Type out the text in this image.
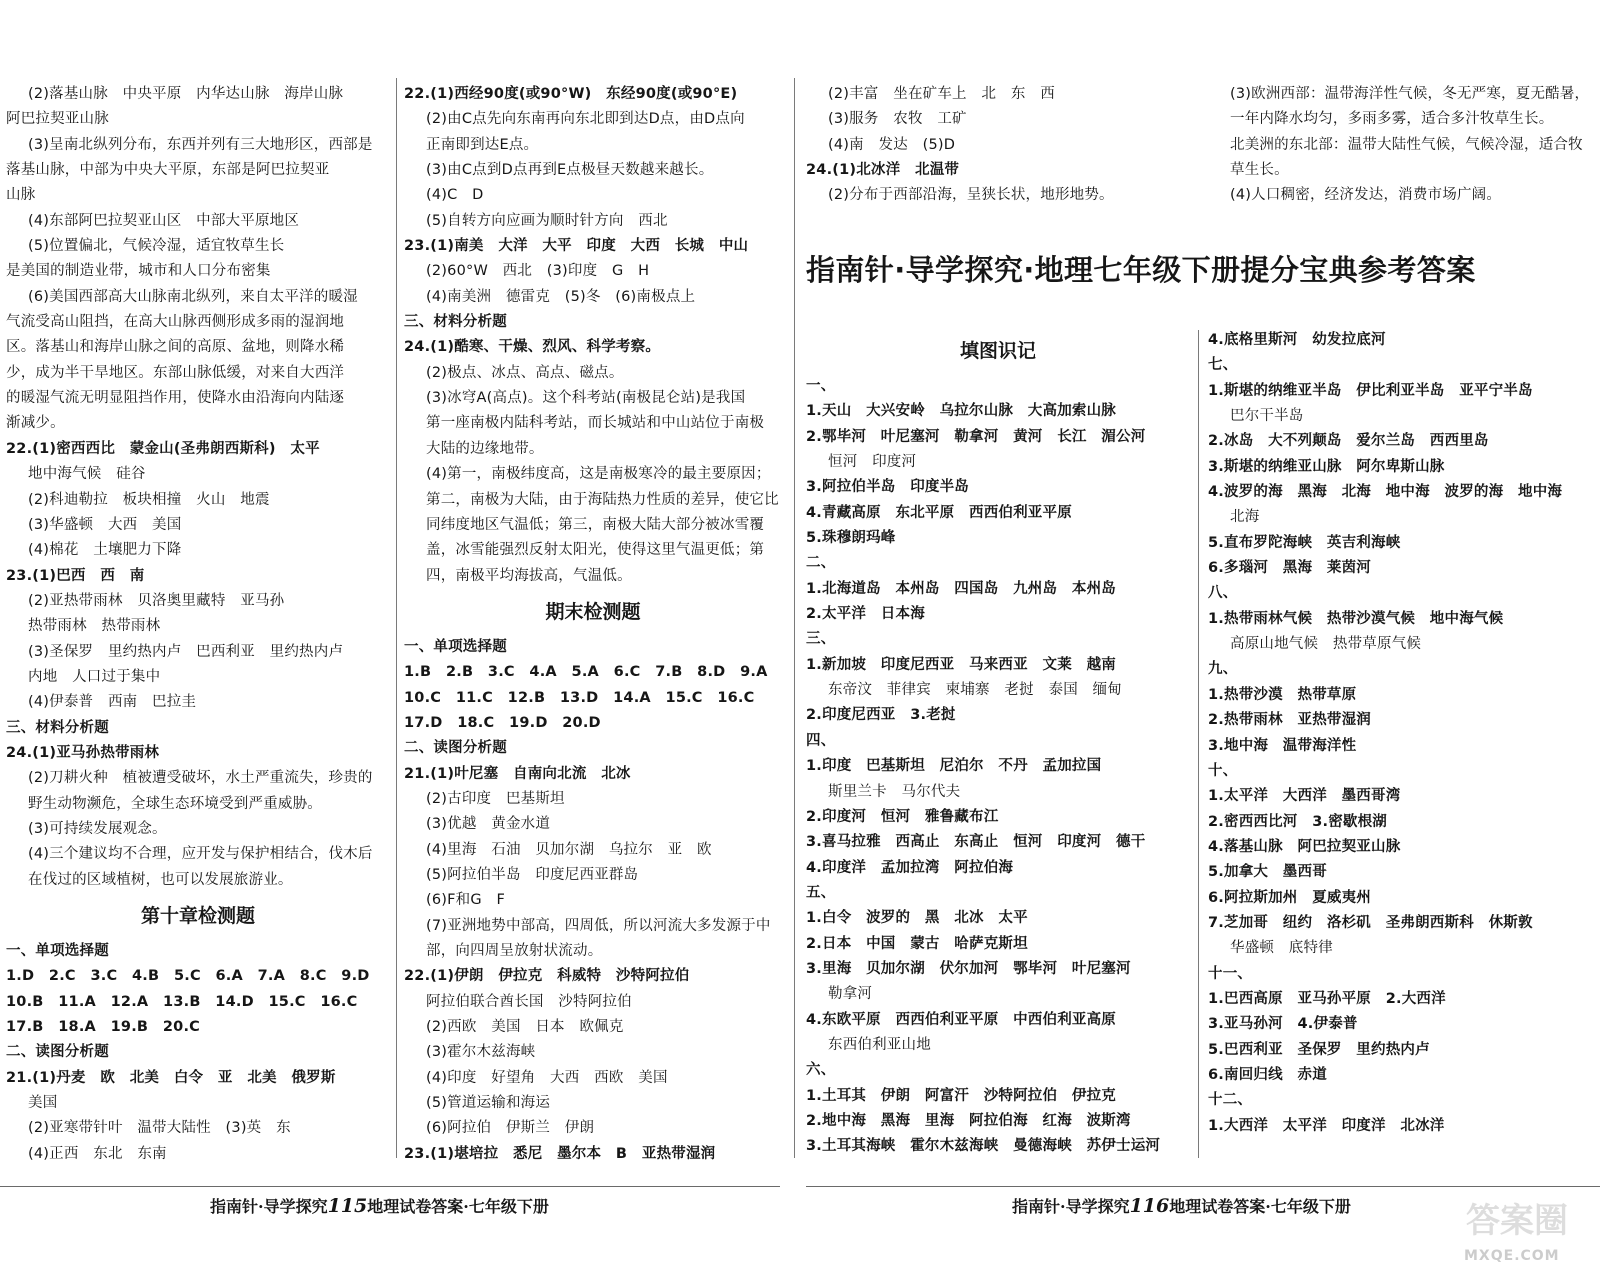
(2)落基山脉　中央平原　内华达山脉　海岸山脉
阿巴拉契亚山脉
(3)呈南北纵列分布，东西并列有三大地形区，西部是
落基山脉，中部为中央大平原，东部是阿巴拉契亚
山脉
(4)东部阿巴拉契亚山区　中部大平原地区
(5)位置偏北，气候冷湿，适宜牧草生长
是美国的制造业带，城市和人口分布密集
(6)美国西部高大山脉南北纵列，来自太平洋的暖湿
气流受高山阻挡，在高大山脉西侧形成多雨的湿润地
区。落基山和海岸山脉之间的高原、盆地，则降水稀
少，成为半干旱地区。东部山脉低缓，对来自大西洋
的暖湿气流无明显阻挡作用，使降水由沿海向内陆逐
渐减少。
22.(1)密西西比　蒙金山(圣弗朗西斯科)　太平
地中海气候　硅谷
(2)科迪勒拉　板块相撞　火山　地震
(3)华盛顿　大西　美国
(4)棉花　土壤肥力下降
23.(1)巴西　西　南
(2)亚热带雨林　贝洛奥里藏特　亚马孙
热带雨林　热带雨林
(3)圣保罗　里约热内卢　巴西利亚　里约热内卢
内地　人口过于集中
(4)伊泰普　西南　巴拉圭
三、材料分析题
24.(1)亚马孙热带雨林
(2)刀耕火种　植被遭受破坏，水土严重流失，珍贵的
野生动物濒危，全球生态环境受到严重威胁。
(3)可持续发展观念。
(4)三个建议均不合理，应开发与保护相结合，伐木后
在伐过的区域植树，也可以发展旅游业。
第十章检测题
一、单项选择题
1.D　2.C　3.C　4.B　5.C　6.A　7.A　8.C　9.D
10.B　11.A　12.A　13.B　14.D　15.C　16.C
17.B　18.A　19.B　20.C
二、读图分析题
21.(1)丹麦　欧　北美　白令　亚　北美　俄罗斯
美国
(2)亚寒带针叶　温带大陆性　(3)英　东
(4)正西　东北　东南
22.(1)西经90度(或90°W)　东经90度(或90°E)
(2)由C点先向东南再向东北即到达D点，由D点向
正南即到达E点。
(3)由C点到D点再到E点极昼天数越来越长。
(4)C　D
(5)自转方向应画为顺时针方向　西北
23.(1)南美　大洋　大平　印度　大西　长城　中山
(2)60°W　西北　(3)印度　G　H
(4)南美洲　德雷克　(5)冬　(6)南极点上
三、材料分析题
24.(1)酷寒、干燥、烈风、科学考察。
(2)极点、冰点、高点、磁点。
(3)冰穹A(高点)。这个科考站(南极昆仑站)是我国
第一座南极内陆科考站，而长城站和中山站位于南极
大陆的边缘地带。
(4)第一，南极纬度高，这是南极寒冷的最主要原因；
第二，南极为大陆，由于海陆热力性质的差异，使它比
同纬度地区气温低；第三，南极大陆大部分被冰雪覆
盖，冰雪能强烈反射太阳光，使得这里气温更低；第
四，南极平均海拔高，气温低。
期末检测题
一、单项选择题
1.B　2.B　3.C　4.A　5.A　6.C　7.B　8.D　9.A
10.C　11.C　12.B　13.D　14.A　15.C　16.C
17.D　18.C　19.D　20.D
二、读图分析题
21.(1)叶尼塞　自南向北流　北冰
(2)古印度　巴基斯坦
(3)优越　黄金水道
(4)里海　石油　贝加尔湖　乌拉尔　亚　欧
(5)阿拉伯半岛　印度尼西亚群岛
(6)F和G　F
(7)亚洲地势中部高，四周低，所以河流大多发源于中
部，向四周呈放射状流动。
22.(1)伊朗　伊拉克　科威特　沙特阿拉伯
阿拉伯联合酋长国　沙特阿拉伯
(2)西欧　美国　日本　欧佩克
(3)霍尔木兹海峡
(4)印度　好望角　大西　西欧　美国
(5)管道运输和海运
(6)阿拉伯　伊斯兰　伊朗
23.(1)堪培拉　悉尼　墨尔本　B　亚热带湿润
(2)丰富　坐在矿车上　北　东　西
(3)服务　农牧　工矿
(4)南　发达　(5)D
24.(1)北冰洋　北温带
(2)分布于西部沿海，呈狭长状，地形地势。
(3)欧洲西部：温带海洋性气候，冬无严寒，夏无酷暑，
一年内降水均匀，多雨多雾，适合多汁牧草生长。
北美洲的东北部：温带大陆性气候，气候冷湿，适合牧
草生长。
(4)人口稠密，经济发达，消费市场广阔。
填图识记
一、
1.天山　大兴安岭　乌拉尔山脉　大高加索山脉
2.鄂毕河　叶尼塞河　勒拿河　黄河　长江　湄公河
恒河　印度河
3.阿拉伯半岛　印度半岛
4.青藏高原　东北平原　西西伯利亚平原
5.珠穆朗玛峰
二、
1.北海道岛　本州岛　四国岛　九州岛　本州岛
2.太平洋　日本海
三、
1.新加坡　印度尼西亚　马来西亚　文莱　越南
东帝汶　菲律宾　柬埔寨　老挝　泰国　缅甸
2.印度尼西亚　3.老挝
四、
1.印度　巴基斯坦　尼泊尔　不丹　孟加拉国
斯里兰卡　马尔代夫
2.印度河　恒河　雅鲁藏布江
3.喜马拉雅　西高止　东高止　恒河　印度河　德干
4.印度洋　孟加拉湾　阿拉伯海
五、
1.白令　波罗的　黑　北冰　太平
2.日本　中国　蒙古　哈萨克斯坦
3.里海　贝加尔湖　伏尔加河　鄂毕河　叶尼塞河
勒拿河
4.东欧平原　西西伯利亚平原　中西伯利亚高原
东西伯利亚山地
六、
1.土耳其　伊朗　阿富汗　沙特阿拉伯　伊拉克
2.地中海　黑海　里海　阿拉伯海　红海　波斯湾
3.土耳其海峡　霍尔木兹海峡　曼德海峡　苏伊士运河
4.底格里斯河　幼发拉底河
七、
1.斯堪的纳维亚半岛　伊比利亚半岛　亚平宁半岛
巴尔干半岛
2.冰岛　大不列颠岛　爱尔兰岛　西西里岛
3.斯堪的纳维亚山脉　阿尔卑斯山脉
4.波罗的海　黑海　北海　地中海　波罗的海　地中海
北海
5.直布罗陀海峡　英吉利海峡
6.多瑙河　黑海　莱茵河
八、
1.热带雨林气候　热带沙漠气候　地中海气候
高原山地气候　热带草原气候
九、
1.热带沙漠　热带草原
2.热带雨林　亚热带湿润
3.地中海　温带海洋性
十、
1.太平洋　大西洋　墨西哥湾
2.密西西比河　3.密歇根湖
4.落基山脉　阿巴拉契亚山脉
5.加拿大　墨西哥
6.阿拉斯加州　夏威夷州
7.芝加哥　纽约　洛杉矶　圣弗朗西斯科　休斯敦
华盛顿　底特律
十一、
1.巴西高原　亚马孙平原　2.大西洋
3.亚马孙河　4.伊泰普
5.巴西利亚　圣保罗　里约热内卢
6.南回归线　赤道
十二、
1.大西洋　太平洋　印度洋　北冰洋
指南针·导学探究·地理七年级下册提分宝典参考答案
指南针·导学探究115地理试卷答案·七年级下册	指南针·导学探究116地理试卷答案·七年级下册	答案圈
MXQE.COM
